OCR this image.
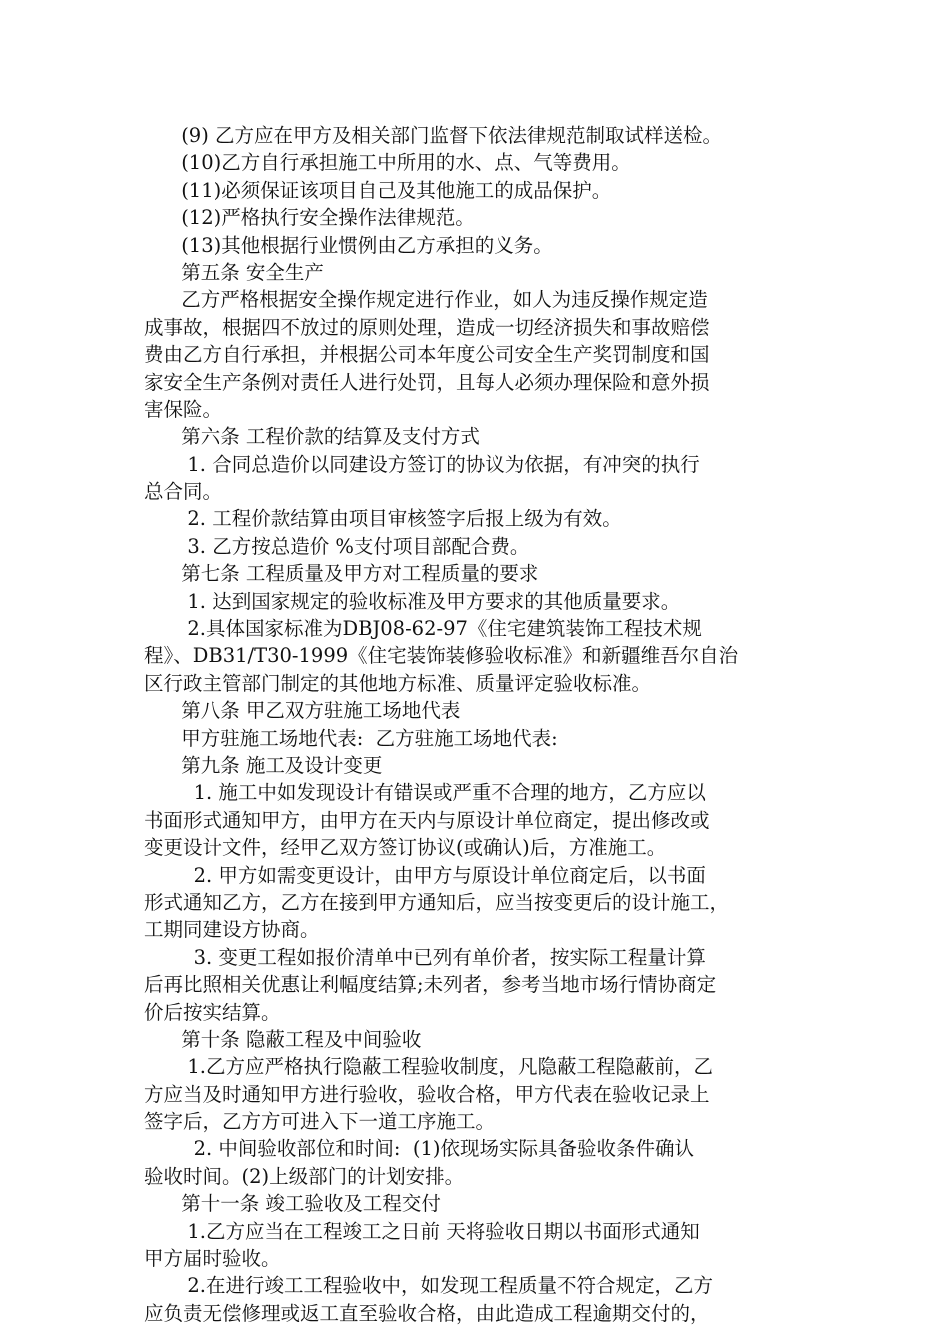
(9) 乙方应在甲方及相关部门监督下依法律规范制取试样送检。
(10)乙方自行承担施工中所用的水、点、气等费用。
(11)必须保证该项目自己及其他施工的成品保护。
(12)严格执行安全操作法律规范。
(13)其他根据行业惯例由乙方承担的义务。
第五条 安全生产
乙方严格根据安全操作规定进行作业，如人为违反操作规定造
成事故，根据四不放过的原则处理，造成一切经济损失和事故赔偿
费由乙方自行承担，并根据公司本年度公司安全生产奖罚制度和国
家安全生产条例对责任人进行处罚，且每人必须办理保险和意外损
害保险。
第六条 工程价款的结算及支付方式
1. 合同总造价以同建设方签订的协议为依据，有冲突的执行
总合同。
2. 工程价款结算由项目审核签字后报上级为有效。
3. 乙方按总造价 %支付项目部配合费。
第七条 工程质量及甲方对工程质量的要求
1. 达到国家规定的验收标准及甲方要求的其他质量要求。
2.具体国家标准为DBJ08-62-97《住宅建筑装饰工程技术规
程》、DB31/T30-1999《住宅装饰装修验收标准》和新疆维吾尔自治
区行政主管部门制定的其他地方标准、质量评定验收标准。
第八条 甲乙双方驻施工场地代表
甲方驻施工场地代表:  乙方驻施工场地代表:
第九条 施工及设计变更
1. 施工中如发现设计有错误或严重不合理的地方，乙方应以
书面形式通知甲方，由甲方在天内与原设计单位商定，提出修改或
变更设计文件，经甲乙双方签订协议(或确认)后，方准施工。
2. 甲方如需变更设计，由甲方与原设计单位商定后，以书面
形式通知乙方，乙方在接到甲方通知后，应当按变更后的设计施工，
工期同建设方协商。
3. 变更工程如报价清单中已列有单价者，按实际工程量计算
后再比照相关优惠让利幅度结算;未列者，参考当地市场行情协商定
价后按实结算。
第十条 隐蔽工程及中间验收
1.乙方应严格执行隐蔽工程验收制度，凡隐蔽工程隐蔽前，乙
方应当及时通知甲方进行验收，验收合格，甲方代表在验收记录上
签字后，乙方方可进入下一道工序施工。
2. 中间验收部位和时间:  (1)依现场实际具备验收条件确认
验收时间。(2)上级部门的计划安排。
第十一条 竣工验收及工程交付
1.乙方应当在工程竣工之日前 天将验收日期以书面形式通知
甲方届时验收。
2.在进行竣工工程验收中，如发现工程质量不符合规定，乙方
应负责无偿修理或返工直至验收合格，由此造成工程逾期交付的，
